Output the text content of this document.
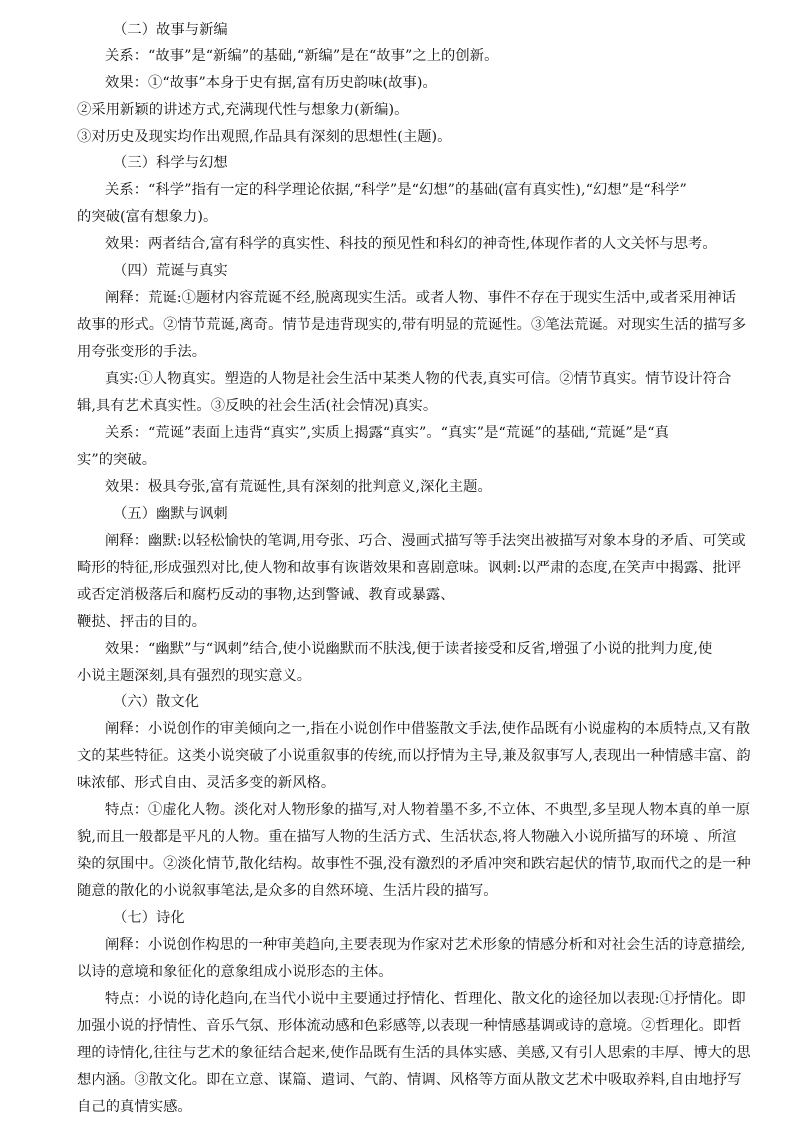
（二）故事与新编
关系：“故事”是“新编”的基础,“新编”是在“故事”之上的创新。
效果：①“故事”本身于史有据,富有历史韵味(故事)。
②采用新颖的讲述方式,充满现代性与想象力(新编)。
③对历史及现实均作出观照,作品具有深刻的思想性(主题)。
（三）科学与幻想
关系：“科学”指有一定的科学理论依据,“科学”是“幻想”的基础(富有真实性),“幻想”是“科学”
的突破(富有想象力)。
效果：两者结合,富有科学的真实性、科技的预见性和科幻的神奇性,体现作者的人文关怀与思考。
（四）荒诞与真实
阐释：荒诞:①题材内容荒诞不经,脱离现实生活。或者人物、事件不存在于现实生活中,或者采用神话
故事的形式。②情节荒诞,离奇。情节是违背现实的,带有明显的荒诞性。③笔法荒诞。对现实生活的描写多
用夸张变形的手法。
真实:①人物真实。塑造的人物是社会生活中某类人物的代表,真实可信。②情节真实。情节设计符合
辑,具有艺术真实性。③反映的社会生活(社会情况)真实。
关系：“荒诞”表面上违背“真实”,实质上揭露“真实”。“真实”是“荒诞”的基础,“荒诞”是“真
实”的突破。
效果：极具夸张,富有荒诞性,具有深刻的批判意义,深化主题。
（五）幽默与讽刺
阐释：幽默:以轻松愉快的笔调,用夸张、巧合、漫画式描写等手法突出被描写对象本身的矛盾、可笑或
畸形的特征,形成强烈对比,使人物和故事有诙谐效果和喜剧意味。讽刺:以严肃的态度,在笑声中揭露、批评
或否定消极落后和腐朽反动的事物,达到警诫、教育或暴露、
鞭挞、抨击的目的。
效果：“幽默”与“讽刺”结合,使小说幽默而不肤浅,便于读者接受和反省,增强了小说的批判力度,使
小说主题深刻,具有强烈的现实意义。
（六）散文化
阐释：小说创作的审美倾向之一,指在小说创作中借鉴散文手法,使作品既有小说虚构的本质特点,又有散
文的某些特征。这类小说突破了小说重叙事的传统,而以抒情为主导,兼及叙事写人,表现出一种情感丰富、韵
味浓郁、形式自由、灵活多变的新风格。
特点：①虚化人物。淡化对人物形象的描写,对人物着墨不多,不立体、不典型,多呈现人物本真的单一原
貌,而且一般都是平凡的人物。重在描写人物的生活方式、生活状态,将人物融入小说所描写的环境 、所渲
染的氛围中。②淡化情节,散化结构。故事性不强,没有激烈的矛盾冲突和跌宕起伏的情节,取而代之的是一种
随意的散化的小说叙事笔法,是众多的自然环境、生活片段的描写。
（七）诗化
阐释：小说创作构思的一种审美趋向,主要表现为作家对艺术形象的情感分析和对社会生活的诗意描绘,
以诗的意境和象征化的意象组成小说形态的主体。
特点：小说的诗化趋向,在当代小说中主要通过抒情化、哲理化、散文化的途径加以表现:①抒情化。即
加强小说的抒情性、音乐气氛、形体流动感和色彩感等,以表现一种情感基调或诗的意境。②哲理化。即哲
理的诗情化,往往与艺术的象征结合起来,使作品既有生活的具体实感、美感,又有引人思索的丰厚、博大的思
想内涵。③散文化。即在立意、谋篇、遣词、气韵、情调、风格等方面从散文艺术中吸取养料,自由地抒写
自己的真情实感。
